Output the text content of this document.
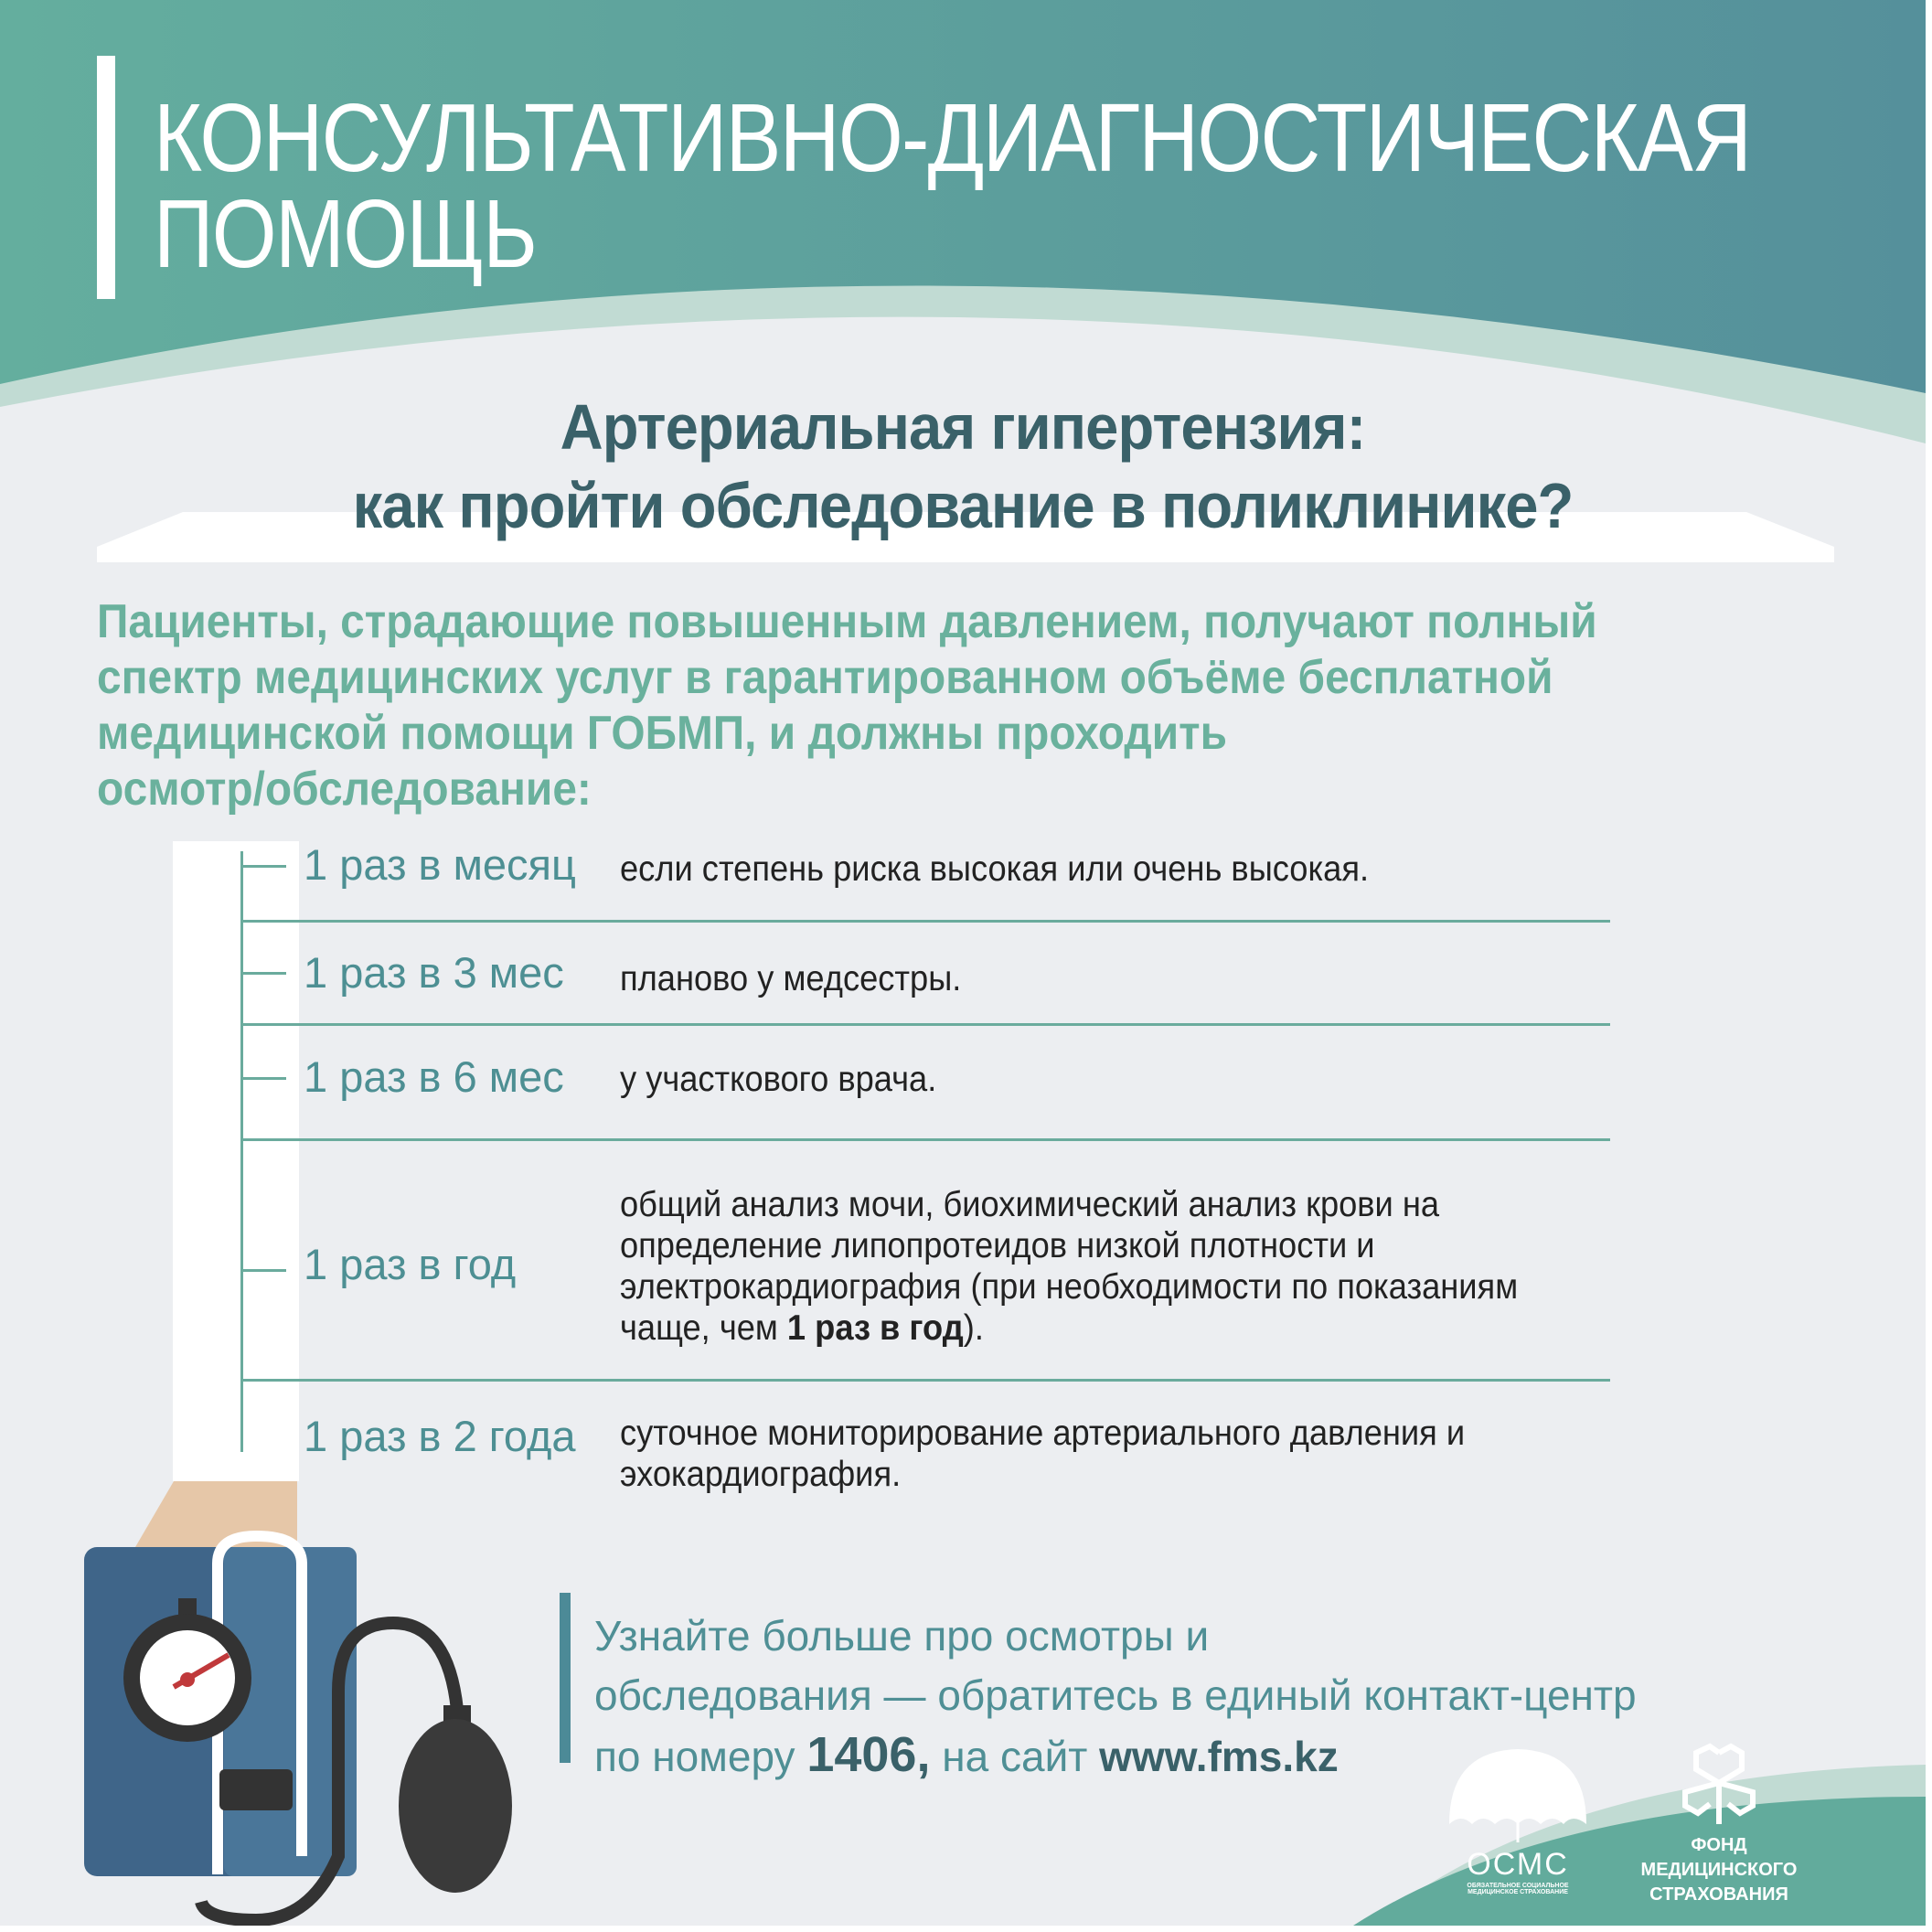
КОНСУЛЬТАТИВНО-ДИАГНОСТИЧЕСКАЯ
ПОМОЩЬ
Артериальная гипертензия:
как пройти обследование в поликлинике?
Пациенты, страдающие повышенным давлением, получают полный
спектр медицинских услуг в гарантированном объёме бесплатной
медицинской помощи ГОБМП, и должны проходить
осмотр/обследование:
1 раз в месяц если степень риска высокая или очень высокая.
1 раз в 3 мес планово у медсестры.
1 раз в 6 мес у участкового врача.
1 раз в год
общий анализ мочи, биохимический анализ крови на
определение липопротеидов низкой плотности и
электрокардиография (при необходимости по показаниям
чаще, чем 1 раз в год).
1 раз в 2 года суточное мониторирование артериального давления и
эхокардиография.
Узнайте больше про осмотры и
обследования — обратитесь в единый контакт-центр
по номеру 1406, на сайт www.fms.kz
ОСМС
ОБЯЗАТЕЛЬНОЕ СОЦИАЛЬНОЕ
МЕДИЦИНСКОЕ СТРАХОВАНИЕ
ФОНД
МЕДИЦИНСКОГО
СТРАХОВАНИЯ
